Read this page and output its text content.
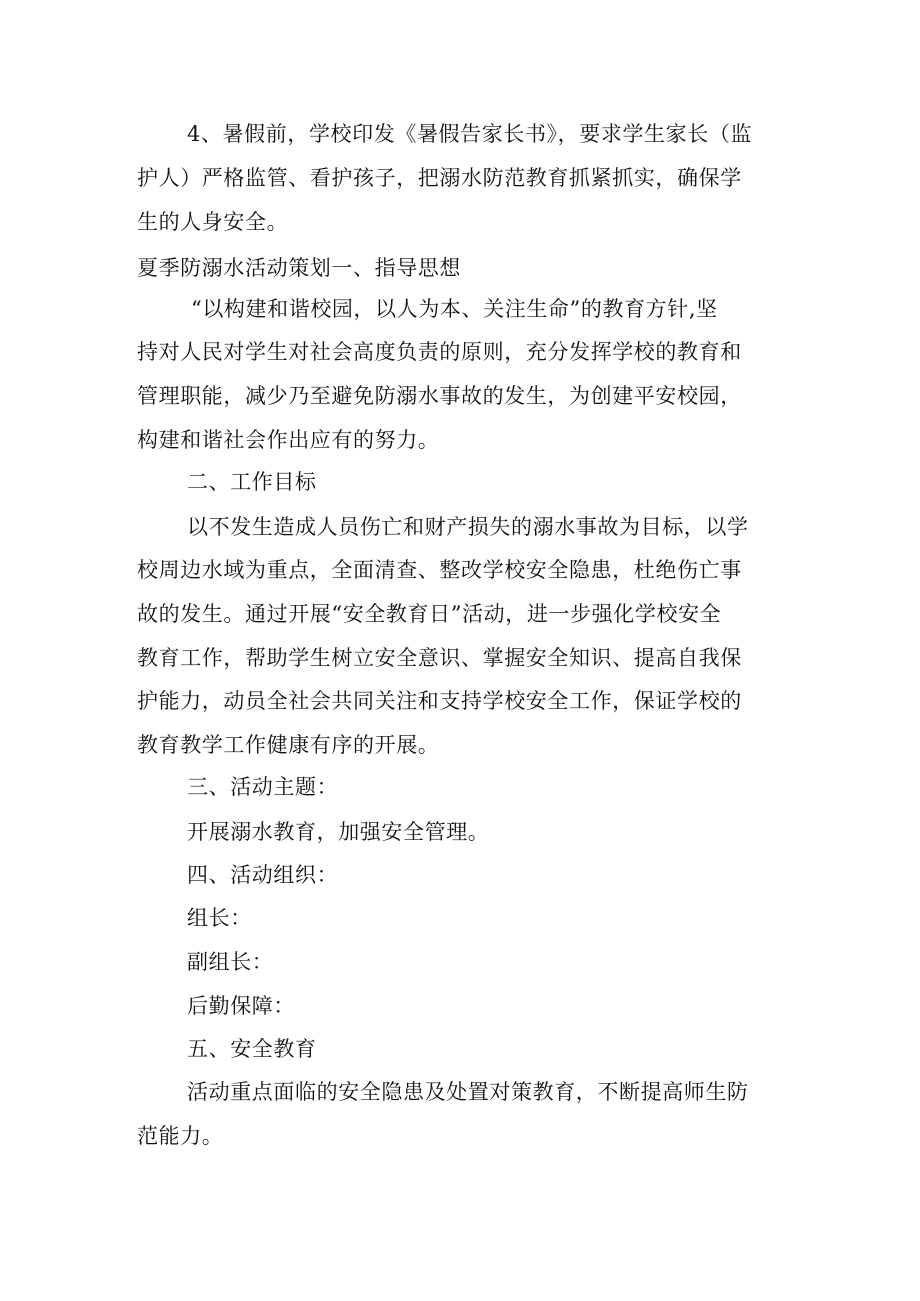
4、暑假前，学校印发《暑假告家长书》，要求学生家长（监
护人）严格监管、看护孩子，把溺水防范教育抓紧抓实，确保学
生的人身安全。
夏季防溺水活动策划一、指导思想
“以构建和谐校园，以人为本、关注生命”的教育方针,坚
持对人民对学生对社会高度负责的原则，充分发挥学校的教育和
管理职能，减少乃至避免防溺水事故的发生，为创建平安校园，
构建和谐社会作出应有的努力。
二、工作目标
以不发生造成人员伤亡和财产损失的溺水事故为目标，以学
校周边水域为重点，全面清查、整改学校安全隐患，杜绝伤亡事
故的发生。通过开展“安全教育日”活动，进一步强化学校安全
教育工作，帮助学生树立安全意识、掌握安全知识、提高自我保
护能力，动员全社会共同关注和支持学校安全工作，保证学校的
教育教学工作健康有序的开展。
三、活动主题：
开展溺水教育，加强安全管理。
四、活动组织：
组长：
副组长：
后勤保障：
五、安全教育
活动重点面临的安全隐患及处置对策教育，不断提高师生防
范能力。
